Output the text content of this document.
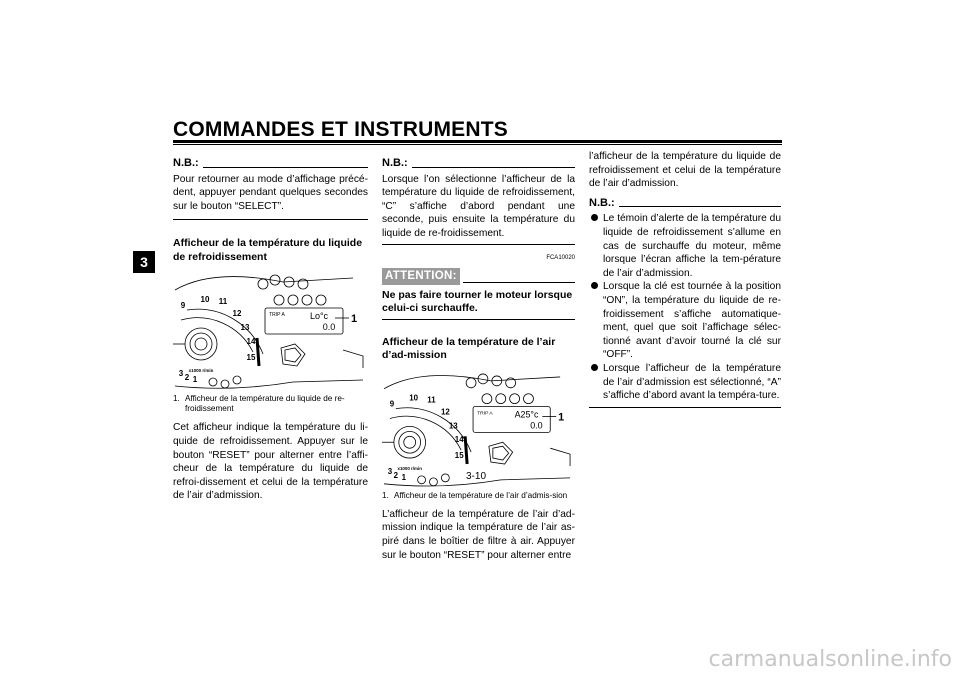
COMMANDES ET INSTRUMENTS
3
N.B.:

Pour retourner au mode d’affichage précé-dent, appuyer pendant quelques secondes sur le bouton “SELECT”.

Afficheur de la température du liquide de refroidissement
9
10 11
12
13
14
15
3 2 1
x1000 r/min
TRIP A	Lo°c
0.0
1
1. Afficheur de la température du liquide de re-froidissement

Cet afficheur indique la température du li-quide de refroidissement. Appuyer sur le bouton “RESET” pour alterner entre l’affi-cheur de la température du liquide de refroi-dissement et celui de la température de l’air d’admission.

N.B.:

Lorsque l’on sélectionne l’afficheur de la température du liquide de refroidissement, “C” s’affiche d’abord pendant une seconde, puis ensuite la température du liquide de re-froidissement.

FCA10020
ATTENTION:
Ne pas faire tourner le moteur lorsque celui-ci surchauffe.
Afficheur de la température de l’air d’ad-mission
9
10 11
12
13
14
15
3 2 1
x1000 r/min
TRIP A A25°c
0.0
1
1. Afficheur de la température de l’air d’admis-sion

L’afficheur de la température de l’air d’ad-mission indique la température de l’air as-piré dans le boîtier de filtre à air. Appuyer sur le bouton “RESET” pour alterner entre

l’afficheur de la température du liquide de refroidissement et celui de la température de l’air d’admission.

N.B.:
Le témoin d’alerte de la température du liquide de refroidissement s’allume en cas de surchauffe du moteur, même lorsque l’écran affiche la tem-pérature de l’air d’admission.
Lorsque la clé est tournée à la position “ON”, la température du liquide de re-froidissement s’affiche automatique-ment, quel que soit l’affichage sélec-tionné avant d’avoir tourné la clé sur “OFF”.
Lorsque l’afficheur de la température de l’air d’admission est sélectionné, “A” s’affiche d’abord avant la tempéra-ture.
3-10
carmanualsonline.info
